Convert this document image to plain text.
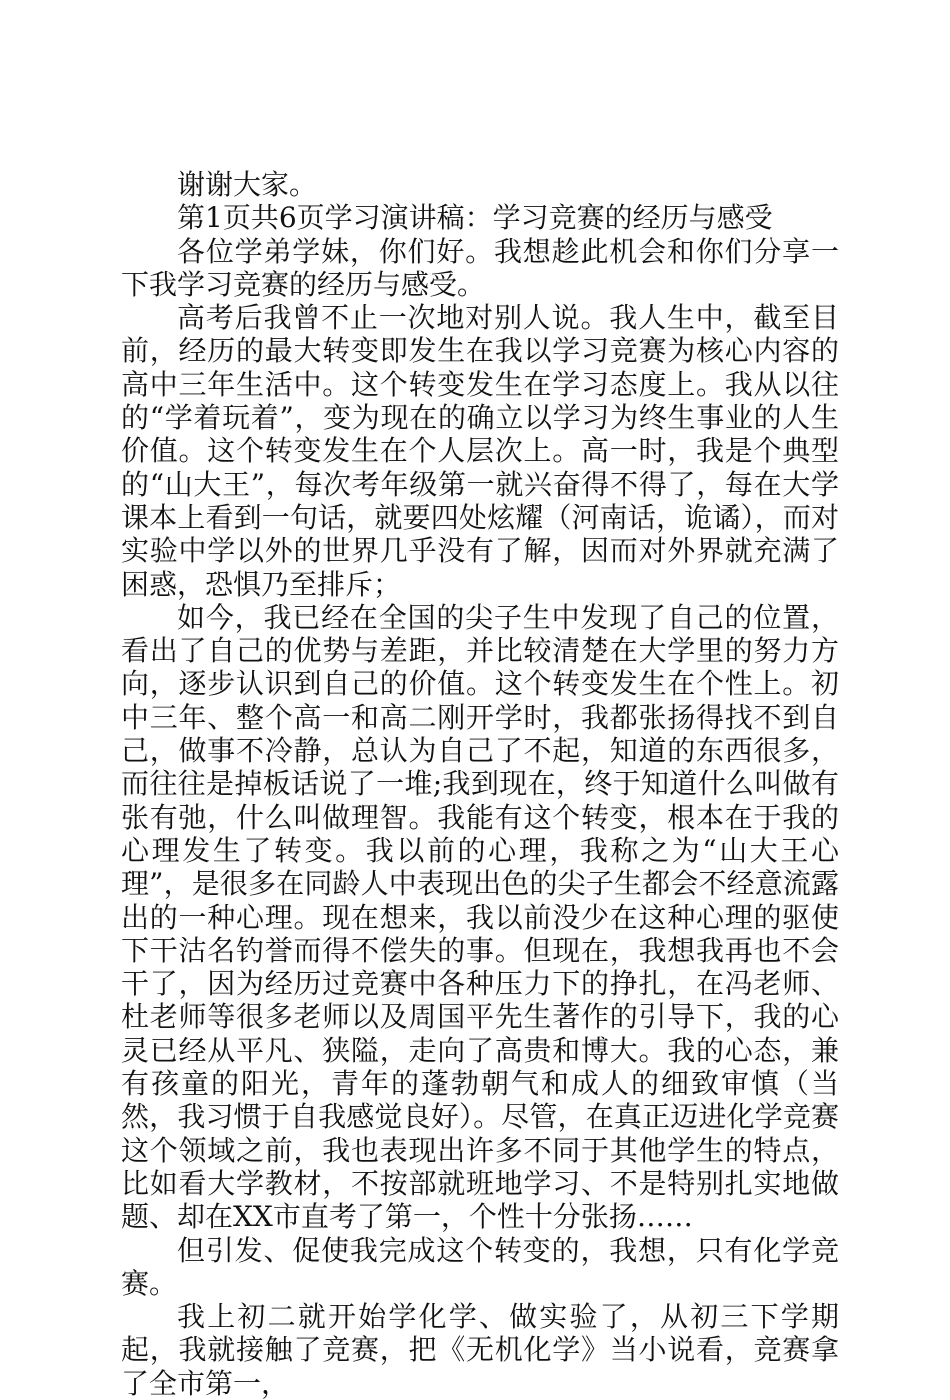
谢谢大家。

第1页共6页学习演讲稿：学习竞赛的经历与感受

各位学弟学妹，你们好。我想趁此机会和你们分享一下我学习竞赛的经历与感受。

高考后我曾不止一次地对别人说。我人生中，截至目前，经历的最大转变即发生在我以学习竞赛为核心内容的高中三年生活中。这个转变发生在学习态度上。我从以往的“学着玩着”，变为现在的确立以学习为终生事业的人生价值。这个转变发生在个人层次上。高一时，我是个典型的“山大王”，每次考年级第一就兴奋得不得了，每在大学课本上看到一句话，就要四处炫耀（河南话，诡谲），而对实验中学以外的世界几乎没有了解，因而对外界就充满了困惑，恐惧乃至排斥；

如今，我已经在全国的尖子生中发现了自己的位置，看出了自己的优势与差距，并比较清楚在大学里的努力方向，逐步认识到自己的价值。这个转变发生在个性上。初中三年、整个高一和高二刚开学时，我都张扬得找不到自己，做事不冷静，总认为自己了不起，知道的东西很多，而往往是掉板话说了一堆;我到现在，终于知道什么叫做有张有弛，什么叫做理智。我能有这个转变，根本在于我的心理发生了转变。我以前的心理，我称之为“山大王心理”，是很多在同龄人中表现出色的尖子生都会不经意流露出的一种心理。现在想来，我以前没少在这种心理的驱使下干沽名钓誉而得不偿失的事。但现在，我想我再也不会干了，因为经历过竞赛中各种压力下的挣扎，在冯老师、杜老师等很多老师以及周国平先生著作的引导下，我的心灵已经从平凡、狭隘，走向了高贵和博大。我的心态，兼有孩童的阳光，青年的蓬勃朝气和成人的细致审慎（当然，我习惯于自我感觉良好）。尽管，在真正迈进化学竞赛这个领域之前，我也表现出许多不同于其他学生的特点，比如看大学教材，不按部就班地学习、不是特别扎实地做题、却在XX市直考了第一，个性十分张扬……

但引发、促使我完成这个转变的，我想，只有化学竞赛。

我上初二就开始学化学、做实验了，从初三下学期起，我就接触了竞赛，把《无机化学》当小说看，竞赛拿了全市第一，
